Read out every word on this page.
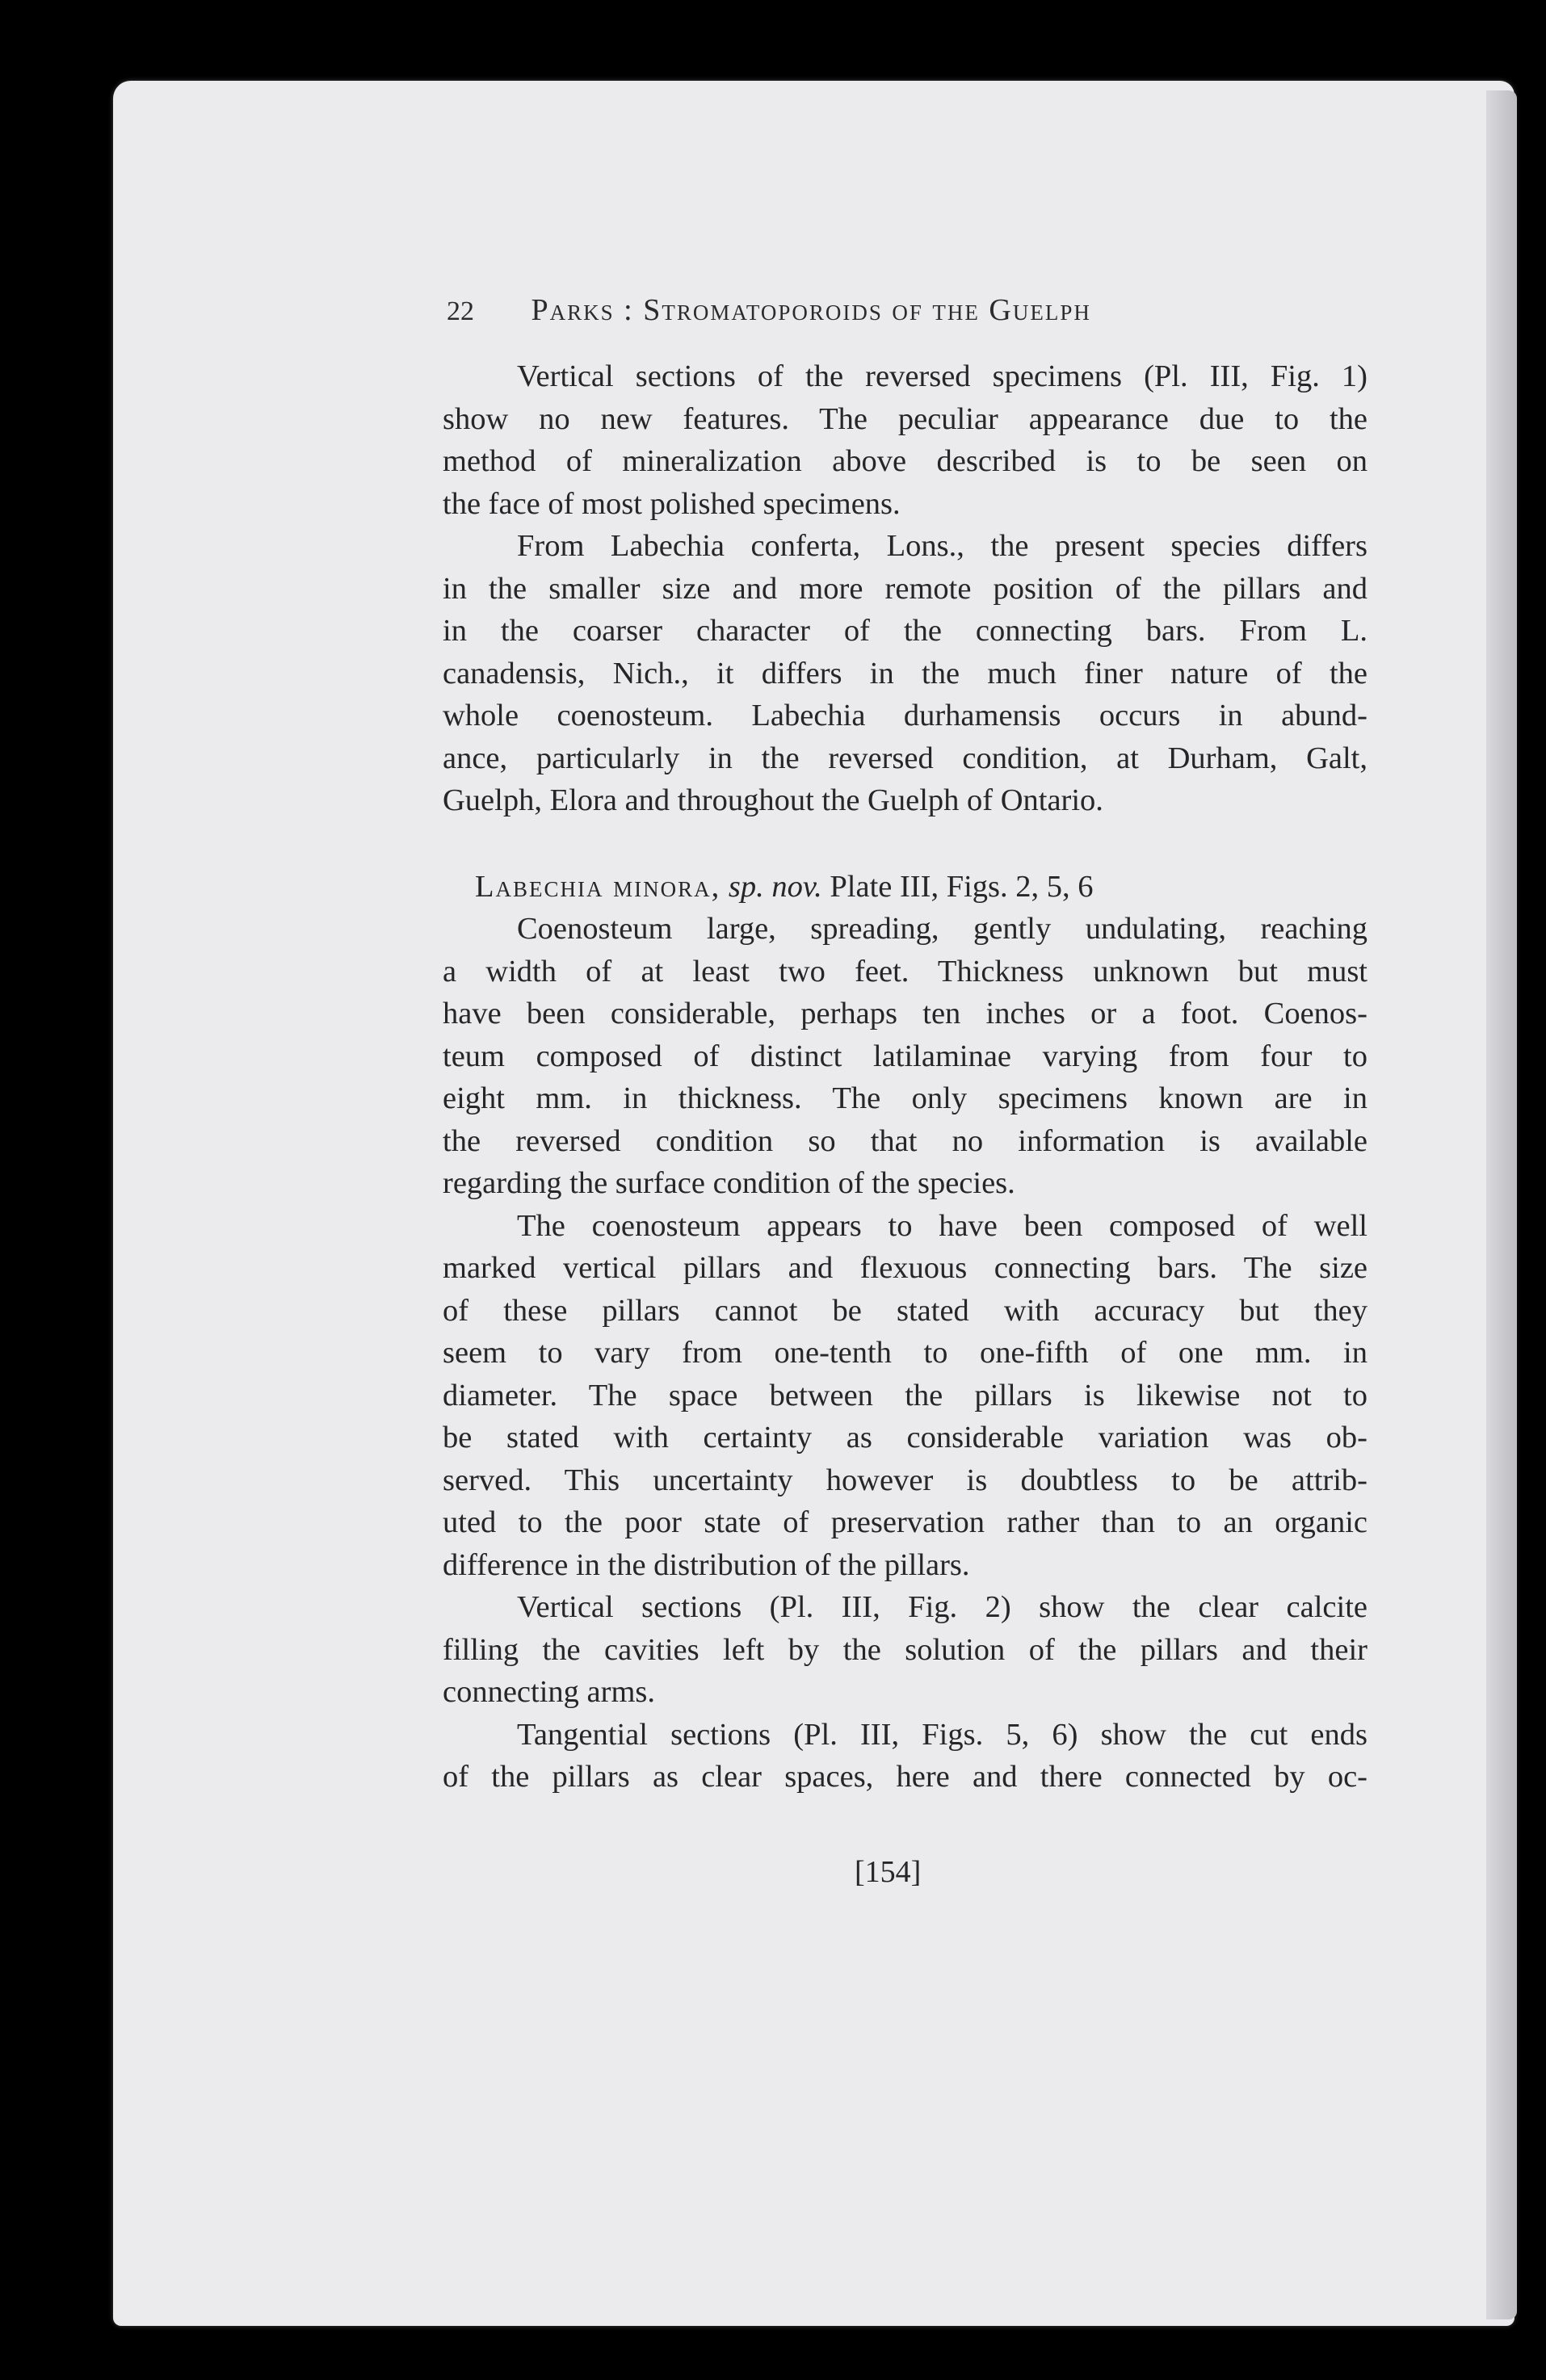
22 Parks : Stromatoporoids of the Guelph

Vertical sections of the reversed specimens (Pl. III, Fig. 1)
show no new features. The peculiar appearance due to the
method of mineralization above described is to be seen on
the face of most polished specimens.

From Labechia conferta, Lons., the present species differs
in the smaller size and more remote position of the pillars and
in the coarser character of the connecting bars. From L.
canadensis, Nich., it differs in the much finer nature of the
whole coenosteum. Labechia durhamensis occurs in abund-
ance, particularly in the reversed condition, at Durham, Galt,
Guelph, Elora and throughout the Guelph of Ontario.

Labechia minora, sp. nov. Plate III, Figs. 2, 5, 6

Coenosteum large, spreading, gently undulating, reaching
a width of at least two feet. Thickness unknown but must
have been considerable, perhaps ten inches or a foot. Coenos-
teum composed of distinct latilaminae varying from four to
eight mm. in thickness. The only specimens known are in
the reversed condition so that no information is available
regarding the surface condition of the species.

The coenosteum appears to have been composed of well
marked vertical pillars and flexuous connecting bars. The size
of these pillars cannot be stated with accuracy but they
seem to vary from one-tenth to one-fifth of one mm. in
diameter. The space between the pillars is likewise not to
be stated with certainty as considerable variation was ob-
served. This uncertainty however is doubtless to be attrib-
uted to the poor state of preservation rather than to an organic
difference in the distribution of the pillars.

Vertical sections (Pl. III, Fig. 2) show the clear calcite
filling the cavities left by the solution of the pillars and their
connecting arms.

Tangential sections (Pl. III, Figs. 5, 6) show the cut ends
of the pillars as clear spaces, here and there connected by oc-

[154]
